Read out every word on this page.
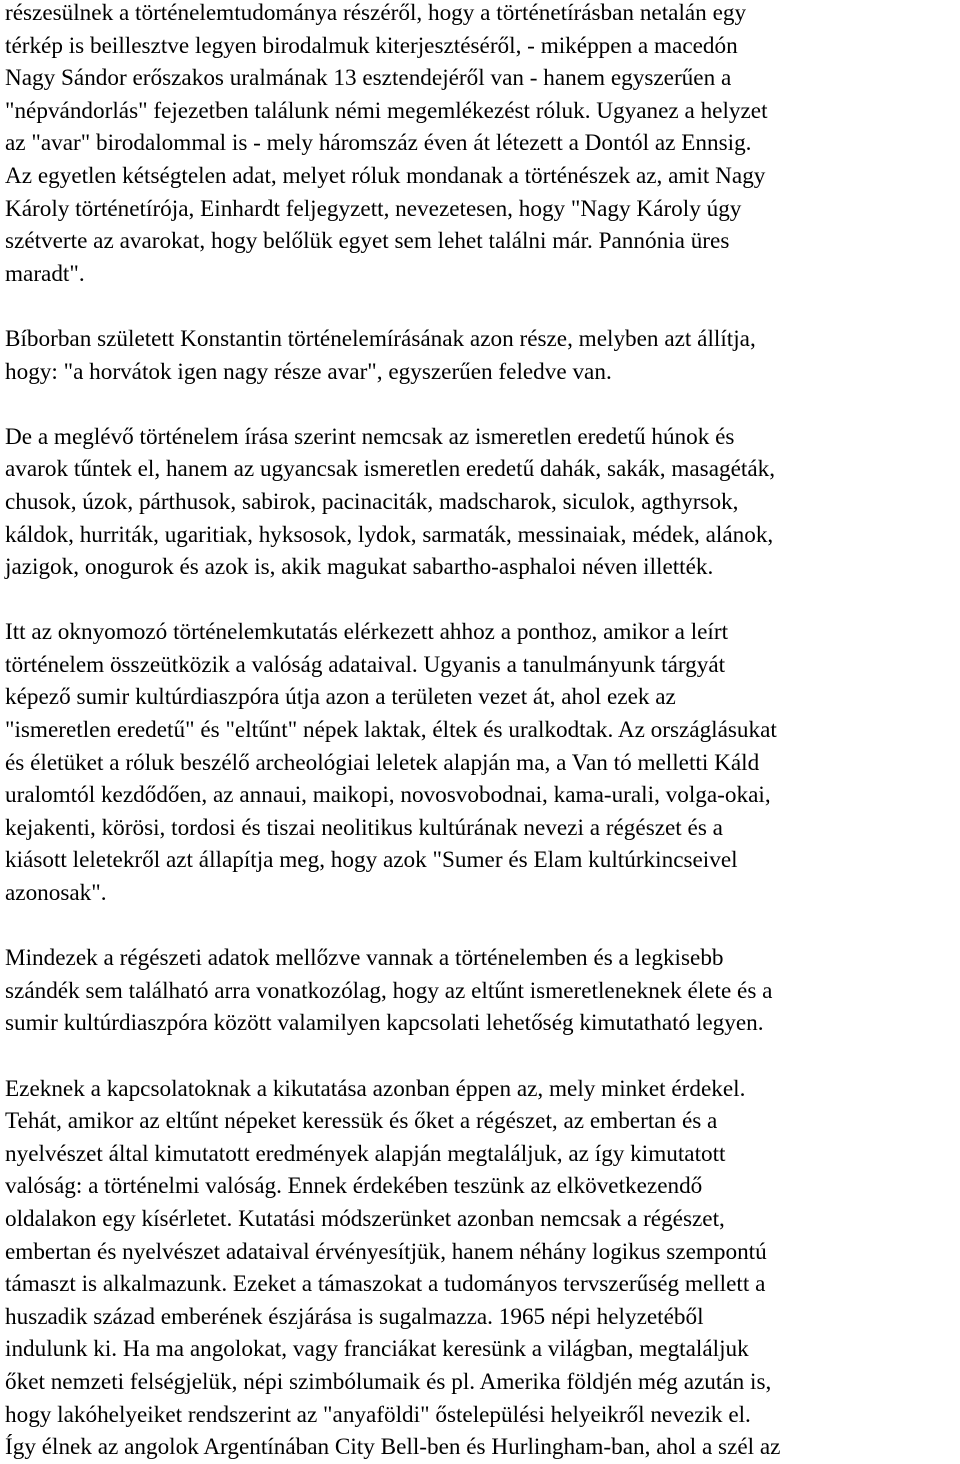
részesülnek a történelemtudománya részéről, hogy a történetírásban netalán egy

térkép is beillesztve legyen birodalmuk kiterjesztéséről, - miképpen a macedón

Nagy Sándor erőszakos uralmának 13 esztendejéről van - hanem egyszerűen a

"népvándorlás" fejezetben találunk némi megemlékezést róluk. Ugyanez a helyzet

az "avar" birodalommal is - mely háromszáz éven át létezett a Dontól az Ennsig.

Az egyetlen kétségtelen adat, melyet róluk mondanak a történészek az, amit Nagy

Károly történetírója, Einhardt feljegyzett, nevezetesen, hogy "Nagy Károly úgy

szétverte az avarokat, hogy belőlük egyet sem lehet találni már. Pannónia üres

maradt".

Bíborban született Konstantin történelemírásának azon része, melyben azt állítja,

hogy: "a horvátok igen nagy része avar", egyszerűen feledve van.

De a meglévő történelem írása szerint nemcsak az ismeretlen eredetű húnok és

avarok tűntek el, hanem az ugyancsak ismeretlen eredetű dahák, sakák, masagéták,

chusok, úzok, párthusok, sabirok, pacinaciták, madscharok, siculok, agthyrsok,

káldok, hurriták, ugaritiak, hyksosok, lydok, sarmaták, messinaiak, médek, alánok,

jazigok, onogurok és azok is, akik magukat sabartho-asphaloi néven illették.

Itt az oknyomozó történelemkutatás elérkezett ahhoz a ponthoz, amikor a leírt

történelem összeütközik a valóság adataival. Ugyanis a tanulmányunk tárgyát

képező sumir kultúrdiaszpóra útja azon a területen vezet át, ahol ezek az

"ismeretlen eredetű" és "eltűnt" népek laktak, éltek és uralkodtak. Az országlásukat

és életüket a róluk beszélő archeológiai leletek alapján ma, a Van tó melletti Káld

uralomtól kezdődően, az annaui, maikopi, novosvobodnai, kama-urali, volga-okai,

kejakenti, körösi, tordosi és tiszai neolitikus kultúrának nevezi a régészet és a

kiásott leletekről azt állapítja meg, hogy azok "Sumer és Elam kultúrkincseivel

azonosak".

Mindezek a régészeti adatok mellőzve vannak a történelemben és a legkisebb

szándék sem található arra vonatkozólag, hogy az eltűnt ismeretleneknek élete és a

sumir kultúrdiaszpóra között valamilyen kapcsolati lehetőség kimutatható legyen.

Ezeknek a kapcsolatoknak a kikutatása azonban éppen az, mely minket érdekel.

Tehát, amikor az eltűnt népeket keressük és őket a régészet, az embertan és a

nyelvészet által kimutatott eredmények alapján megtaláljuk, az így kimutatott

valóság: a történelmi valóság. Ennek érdekében teszünk az elkövetkezendő

oldalakon egy kísérletet. Kutatási módszerünket azonban nemcsak a régészet,

embertan és nyelvészet adataival érvényesítjük, hanem néhány logikus szempontú

támaszt is alkalmazunk. Ezeket a támaszokat a tudományos tervszerűség mellett a

huszadik század emberének észjárása is sugalmazza. 1965 népi helyzetéből

indulunk ki. Ha ma angolokat, vagy franciákat keresünk a világban, megtaláljuk

őket nemzeti felségjelük, népi szimbólumaik és pl. Amerika földjén még azután is,

hogy lakóhelyeiket rendszerint az "anyaföldi" őstelepülési helyeikről nevezik el.

Így élnek az angolok Argentínában City Bell-ben és Hurlingham-ban, ahol a szél az
